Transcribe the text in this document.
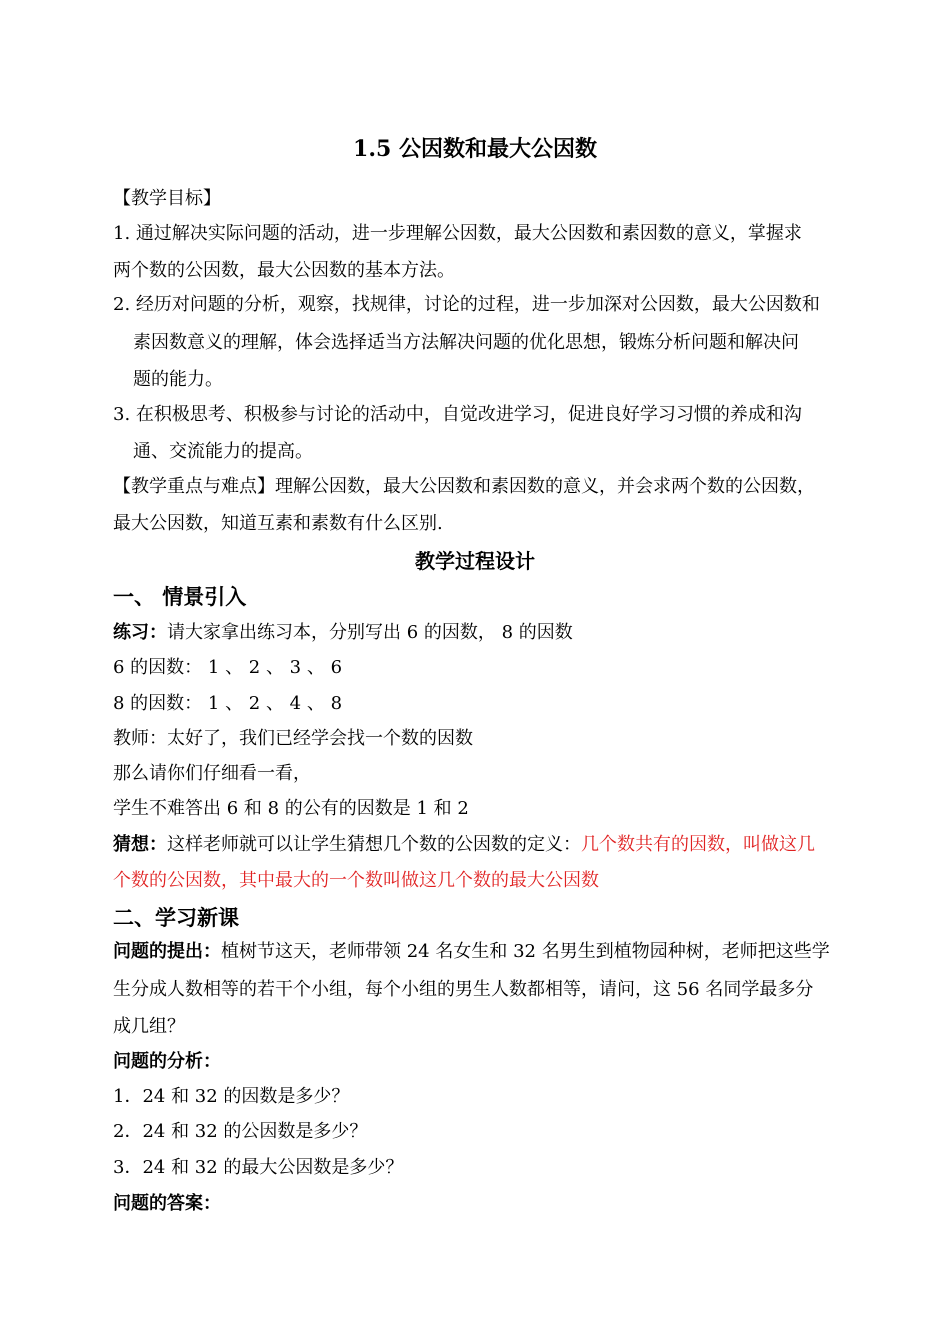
1.5 公因数和最大公因数
【教学目标】
1. 通过解决实际问题的活动，进一步理解公因数，最大公因数和素因数的意义，掌握求
两个数的公因数，最大公因数的基本方法。
2. 经历对问题的分析，观察，找规律，讨论的过程，进一步加深对公因数，最大公因数和
素因数意义的理解，体会选择适当方法解决问题的优化思想，锻炼分析问题和解决问
题的能力。
3. 在积极思考、积极参与讨论的活动中，自觉改进学习，促进良好学习习惯的养成和沟
通、交流能力的提高。
【教学重点与难点】理解公因数，最大公因数和素因数的意义，并会求两个数的公因数，
最大公因数，知道互素和素数有什么区别.
教学过程设计
一、 情景引入
练习：请大家拿出练习本，分别写出 6 的因数， 8 的因数
6 的因数： 1 、 2 、 3 、 6
8 的因数： 1 、 2 、 4 、 8
教师：太好了，我们已经学会找一个数的因数
那么请你们仔细看一看，
学生不难答出 6 和 8 的公有的因数是 1 和 2
猜想：这样老师就可以让学生猜想几个数的公因数的定义：几个数共有的因数，叫做这几
个数的公因数，其中最大的一个数叫做这几个数的最大公因数
二、学习新课
问题的提出：植树节这天，老师带领 24 名女生和 32 名男生到植物园种树，老师把这些学
生分成人数相等的若干个小组，每个小组的男生人数都相等，请问，这 56 名同学最多分
成几组？
问题的分析：
1．24 和 32 的因数是多少？
2．24 和 32 的公因数是多少？
3．24 和 32 的最大公因数是多少？
问题的答案：
